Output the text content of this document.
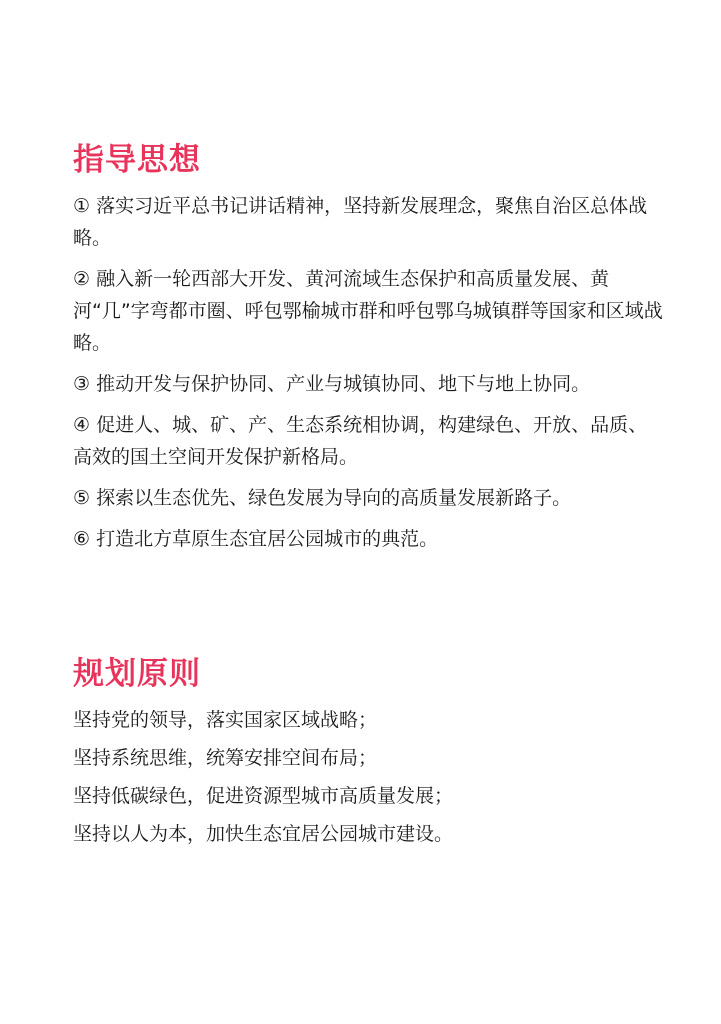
指导思想
① 落实习近平总书记讲话精神，坚持新发展理念，聚焦自治区总体战略。
② 融入新一轮西部大开发、黄河流域生态保护和高质量发展、黄河“几”字弯都市圈、呼包鄂榆城市群和呼包鄂乌城镇群等国家和区域战略。
③ 推动开发与保护协同、产业与城镇协同、地下与地上协同。
④ 促进人、城、矿、产、生态系统相协调，构建绿色、开放、品质、高效的国土空间开发保护新格局。
⑤ 探索以生态优先、绿色发展为导向的高质量发展新路子。
⑥ 打造北方草原生态宜居公园城市的典范。
规划原则
坚持党的领导，落实国家区域战略；
坚持系统思维，统筹安排空间布局；
坚持低碳绿色，促进资源型城市高质量发展；
坚持以人为本，加快生态宜居公园城市建设。
